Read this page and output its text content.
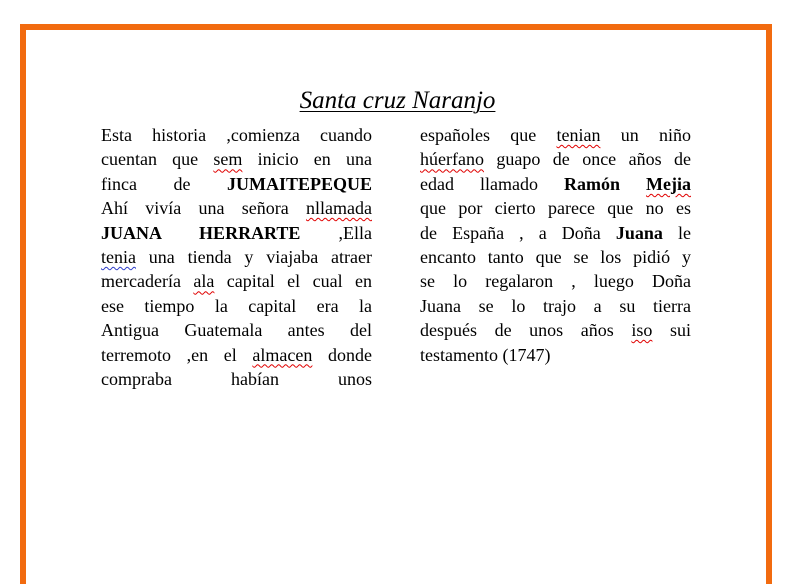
Santa cruz Naranjo
Esta historia ,comienza cuando
cuentan que sem inicio en una
finca de JUMAITEPEQUE
Ahí vivía una señora nllamada
JUANA HERRARTE ,Ella
tenia una tienda y viajaba atraer
mercadería ala capital el cual en
ese tiempo la capital era la
Antigua Guatemala antes del
terremoto ,en el almacen donde
compraba habían unos
españoles que tenian un niño
húerfano guapo de once años de
edad llamado Ramón Mejia
que por cierto parece que no es
de España , a Doña Juana le
encanto tanto que se los pidió y
se lo regalaron , luego Doña
Juana se lo trajo a su tierra
después de unos años iso sui
testamento (1747)
